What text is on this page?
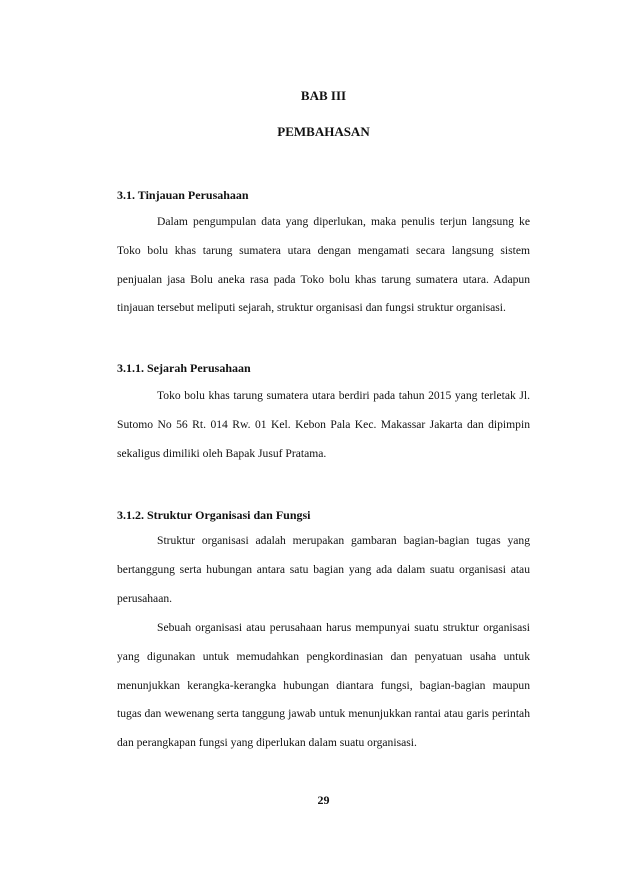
BAB III
PEMBAHASAN
3.1. Tinjauan Perusahaan

Dalam pengumpulan data yang diperlukan, maka penulis terjun langsung ke Toko bolu khas tarung sumatera utara dengan mengamati secara langsung sistem penjualan jasa Bolu aneka rasa pada Toko bolu khas tarung sumatera utara. Adapun tinjauan tersebut meliputi sejarah, struktur organisasi dan fungsi struktur organisasi.

3.1.1. Sejarah Perusahaan

Toko bolu khas tarung sumatera utara berdiri pada tahun 2015 yang terletak Jl. Sutomo No 56 Rt. 014 Rw. 01 Kel. Kebon Pala Kec. Makassar Jakarta dan dipimpin sekaligus dimiliki oleh Bapak Jusuf Pratama.

3.1.2. Struktur Organisasi dan Fungsi

Struktur organisasi adalah merupakan gambaran bagian-bagian tugas yang bertanggung serta hubungan antara satu bagian yang ada dalam suatu organisasi atau perusahaan.

Sebuah organisasi atau perusahaan harus mempunyai suatu struktur organisasi yang digunakan untuk memudahkan pengkordinasian dan penyatuan usaha untuk menunjukkan kerangka-kerangka hubungan diantara fungsi, bagian-bagian maupun tugas dan wewenang serta tanggung jawab untuk menunjukkan rantai atau garis perintah dan perangkapan fungsi yang diperlukan dalam suatu organisasi.

29
